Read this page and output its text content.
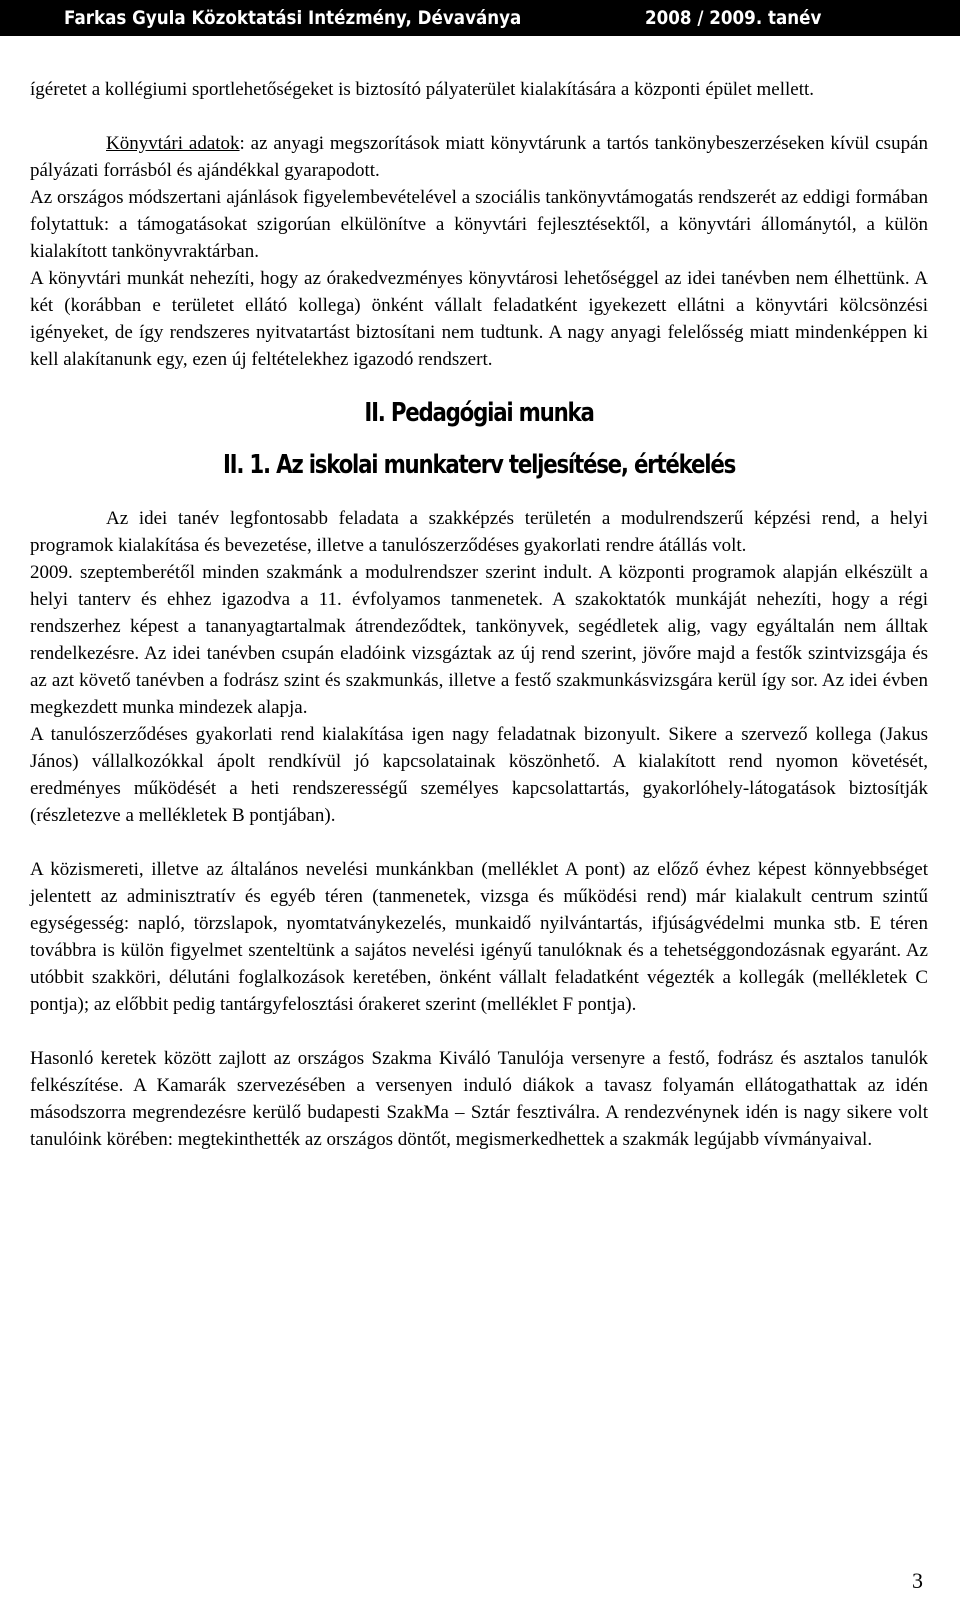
Farkas Gyula Közoktatási Intézmény, Dévaványa	2008 / 2009. tanév

ígéretet a kollégiumi sportlehetőségeket is biztosító pályaterület kialakítására a központi épület mellett.

Könyvtári adatok: az anyagi megszorítások miatt könyvtárunk a tartós tankönybeszerzéseken kívül csupán pályázati forrásból és ajándékkal gyarapodott.

Az országos módszertani ajánlások figyelembevételével a szociális tankönyvtámogatás rendszerét az eddigi formában folytattuk: a támogatásokat szigorúan elkülönítve a könyvtári fejlesztésektől, a könyvtári állománytól, a külön kialakított tankönyvraktárban.

A könyvtári munkát nehezíti, hogy az órakedvezményes könyvtárosi lehetőséggel az idei tanévben nem élhettünk. A két (korábban e területet ellátó kollega) önként vállalt feladatként igyekezett ellátni a könyvtári kölcsönzési igényeket, de így rendszeres nyitvatartást biztosítani nem tudtunk. A nagy anyagi felelősség miatt mindenképpen ki kell alakítanunk egy, ezen új feltételekhez igazodó rendszert.

II. Pedagógiai munka
II. 1. Az iskolai munkaterv teljesítése, értékelés

Az idei tanév legfontosabb feladata a szakképzés területén a modulrendszerű képzési rend, a helyi programok kialakítása és bevezetése, illetve a tanulószerződéses gyakorlati rendre átállás volt.

2009. szeptemberétől minden szakmánk a modulrendszer szerint indult. A központi programok alapján elkészült a helyi tanterv és ehhez igazodva a 11. évfolyamos tanmenetek. A szakoktatók munkáját nehezíti, hogy a régi rendszerhez képest a tananyagtartalmak átrendeződtek, tankönyvek, segédletek alig, vagy egyáltalán nem álltak rendelkezésre. Az idei tanévben csupán eladóink vizsgáztak az új rend szerint, jövőre majd a festők szintvizsgája és az azt követő tanévben a fodrász szint és szakmunkás, illetve a festő szakmunkásvizsgára kerül így sor. Az idei évben megkezdett munka mindezek alapja.

A tanulószerződéses gyakorlati rend kialakítása igen nagy feladatnak bizonyult. Sikere a szervező kollega (Jakus János) vállalkozókkal ápolt rendkívül jó kapcsolatainak köszönhető. A kialakított rend nyomon követését, eredményes működését a heti rendszerességű személyes kapcsolattartás, gyakorlóhely-látogatások biztosítják (részletezve a mellékletek B pontjában).

A közismereti, illetve az általános nevelési munkánkban (melléklet A pont) az előző évhez képest könnyebbséget jelentett az adminisztratív és egyéb téren (tanmenetek, vizsga és működési rend) már kialakult centrum szintű egységesség: napló, törzslapok, nyomtatványkezelés, munkaidő nyilvántartás, ifjúságvédelmi munka stb. E téren továbbra is külön figyelmet szenteltünk a sajátos nevelési igényű tanulóknak és a tehetséggondozásnak egyaránt. Az utóbbit szakköri, délutáni foglalkozások keretében, önként vállalt feladatként végezték a kollegák (mellékletek C pontja); az előbbit pedig tantárgyfelosztási órakeret szerint (melléklet F pontja).

Hasonló keretek között zajlott az országos Szakma Kiváló Tanulója versenyre a festő, fodrász és asztalos tanulók felkészítése. A Kamarák szervezésében a versenyen induló diákok a tavasz folyamán ellátogathattak az idén másodszorra megrendezésre kerülő budapesti SzakMa – Sztár fesztiválra. A rendezvénynek idén is nagy sikere volt tanulóink körében: megtekinthették az országos döntőt, megismerkedhettek a szakmák legújabb vívmányaival.

3
